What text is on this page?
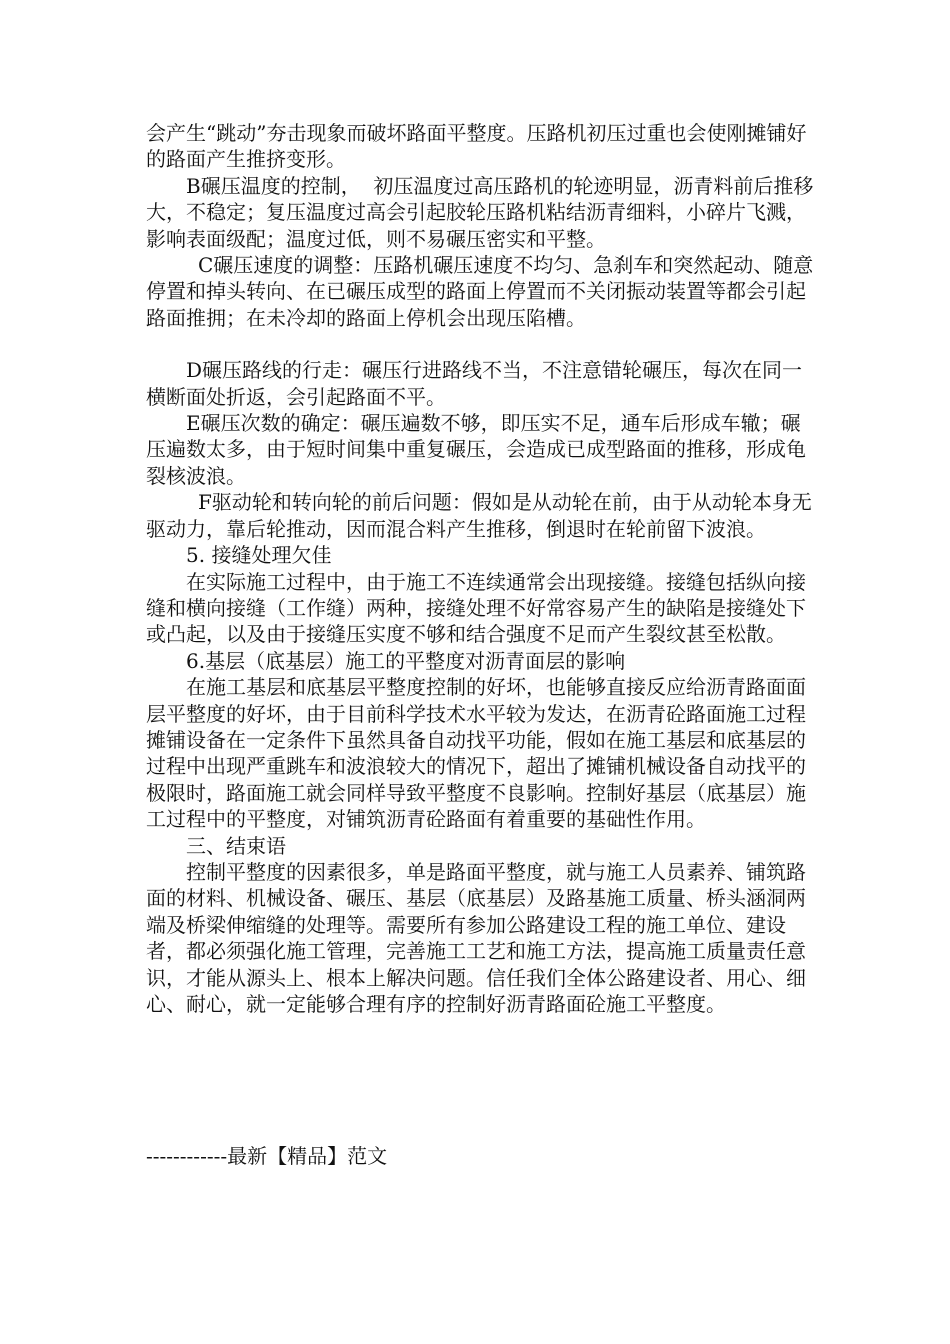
会产生“跳动”夯击现象而破坏路面平整度。压路机初压过重也会使刚摊铺好的路面产生推挤变形。

B碾压温度的控制，  初压温度过高压路机的轮迹明显，沥青料前后推移大，不稳定；复压温度过高会引起胶轮压路机粘结沥青细料，小碎片飞溅，影响表面级配；温度过低，则不易碾压密实和平整。

C碾压速度的调整：压路机碾压速度不均匀、急刹车和突然起动、随意停置和掉头转向、在已碾压成型的路面上停置而不关闭振动装置等都会引起路面推拥；在未冷却的路面上停机会出现压陷槽。

D碾压路线的行走：碾压行进路线不当，不注意错轮碾压，每次在同一横断面处折返，会引起路面不平。

E碾压次数的确定：碾压遍数不够，即压实不足，通车后形成车辙；碾压遍数太多，由于短时间集中重复碾压，会造成已成型路面的推移，形成龟裂核波浪。

F驱动轮和转向轮的前后问题：假如是从动轮在前，由于从动轮本身无驱动力，靠后轮推动，因而混合料产生推移，倒退时在轮前留下波浪。

5. 接缝处理欠佳

在实际施工过程中，由于施工不连续通常会出现接缝。接缝包括纵向接缝和横向接缝（工作缝）两种，接缝处理不好常容易产生的缺陷是接缝处下或凸起，以及由于接缝压实度不够和结合强度不足而产生裂纹甚至松散。

6.基层（底基层）施工的平整度对沥青面层的影响

在施工基层和底基层平整度控制的好坏，也能够直接反应给沥青路面面层平整度的好坏，由于目前科学技术水平较为发达，在沥青砼路面施工过程摊铺设备在一定条件下虽然具备自动找平功能，假如在施工基层和底基层的过程中出现严重跳车和波浪较大的情况下，超出了摊铺机械设备自动找平的极限时，路面施工就会同样导致平整度不良影响。控制好基层（底基层）施工过程中的平整度，对铺筑沥青砼路面有着重要的基础性作用。

三、结束语

控制平整度的因素很多，单是路面平整度，就与施工人员素养、铺筑路面的材料、机械设备、碾压、基层（底基层）及路基施工质量、桥头涵洞两端及桥梁伸缩缝的处理等。需要所有参加公路建设工程的施工单位、建设者，都必须强化施工管理，完善施工工艺和施工方法，提高施工质量责任意识，才能从源头上、根本上解决问题。信任我们全体公路建设者、用心、细心、耐心，就一定能够合理有序的控制好沥青路面砼施工平整度。

------------最新【精品】范文
